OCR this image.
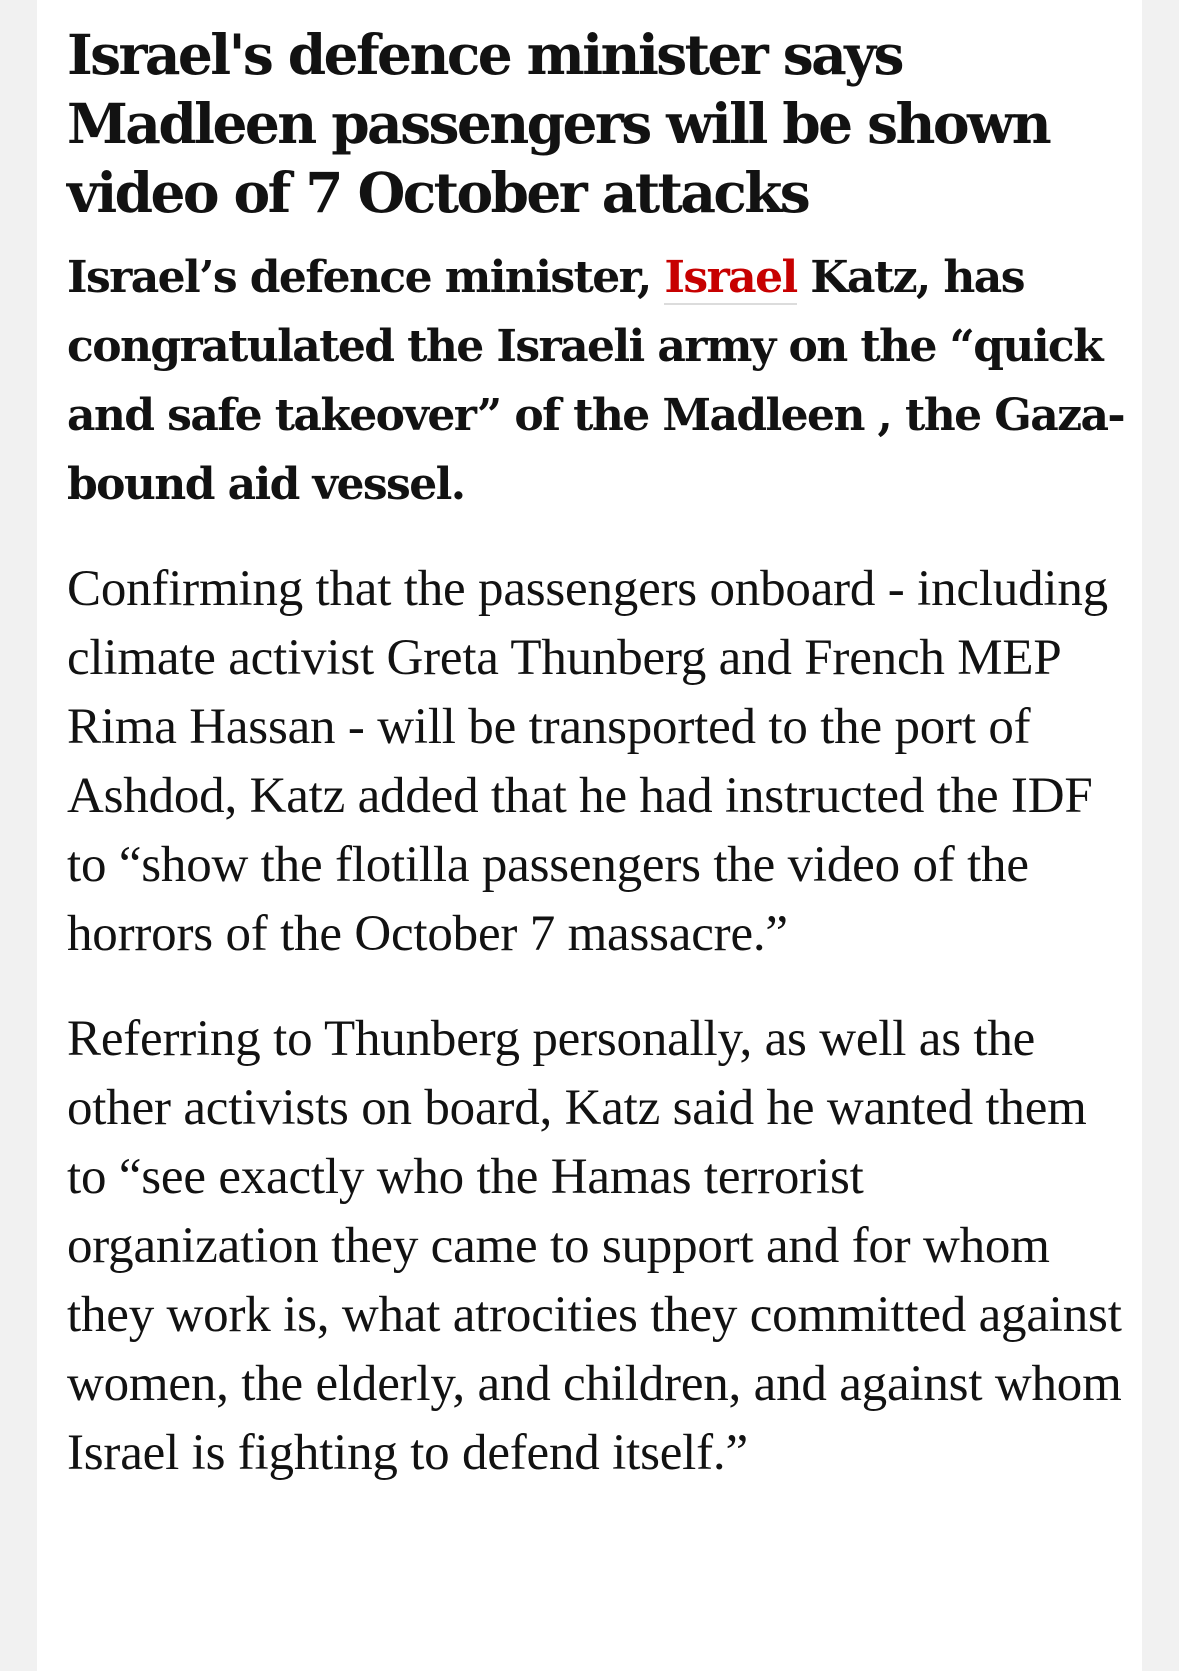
Israel's defence minister says Madleen passengers will be shown video of 7 October attacks

Israel’s defence minister, Israel Katz, has congratulated the Israeli army on the “quick and safe takeover” of the Madleen , the Gaza-bound aid vessel.

Confirming that the passengers onboard - including climate activist Greta Thunberg and French MEP Rima Hassan - will be transported to the port of Ashdod, Katz added that he had instructed the IDF to “show the flotilla passengers the video of the horrors of the October 7 massacre.”

Referring to Thunberg personally, as well as the other activists on board, Katz said he wanted them to “see exactly who the Hamas terrorist organization they came to support and for whom they work is, what atrocities they committed against women, the elderly, and children, and against whom Israel is fighting to defend itself.”
